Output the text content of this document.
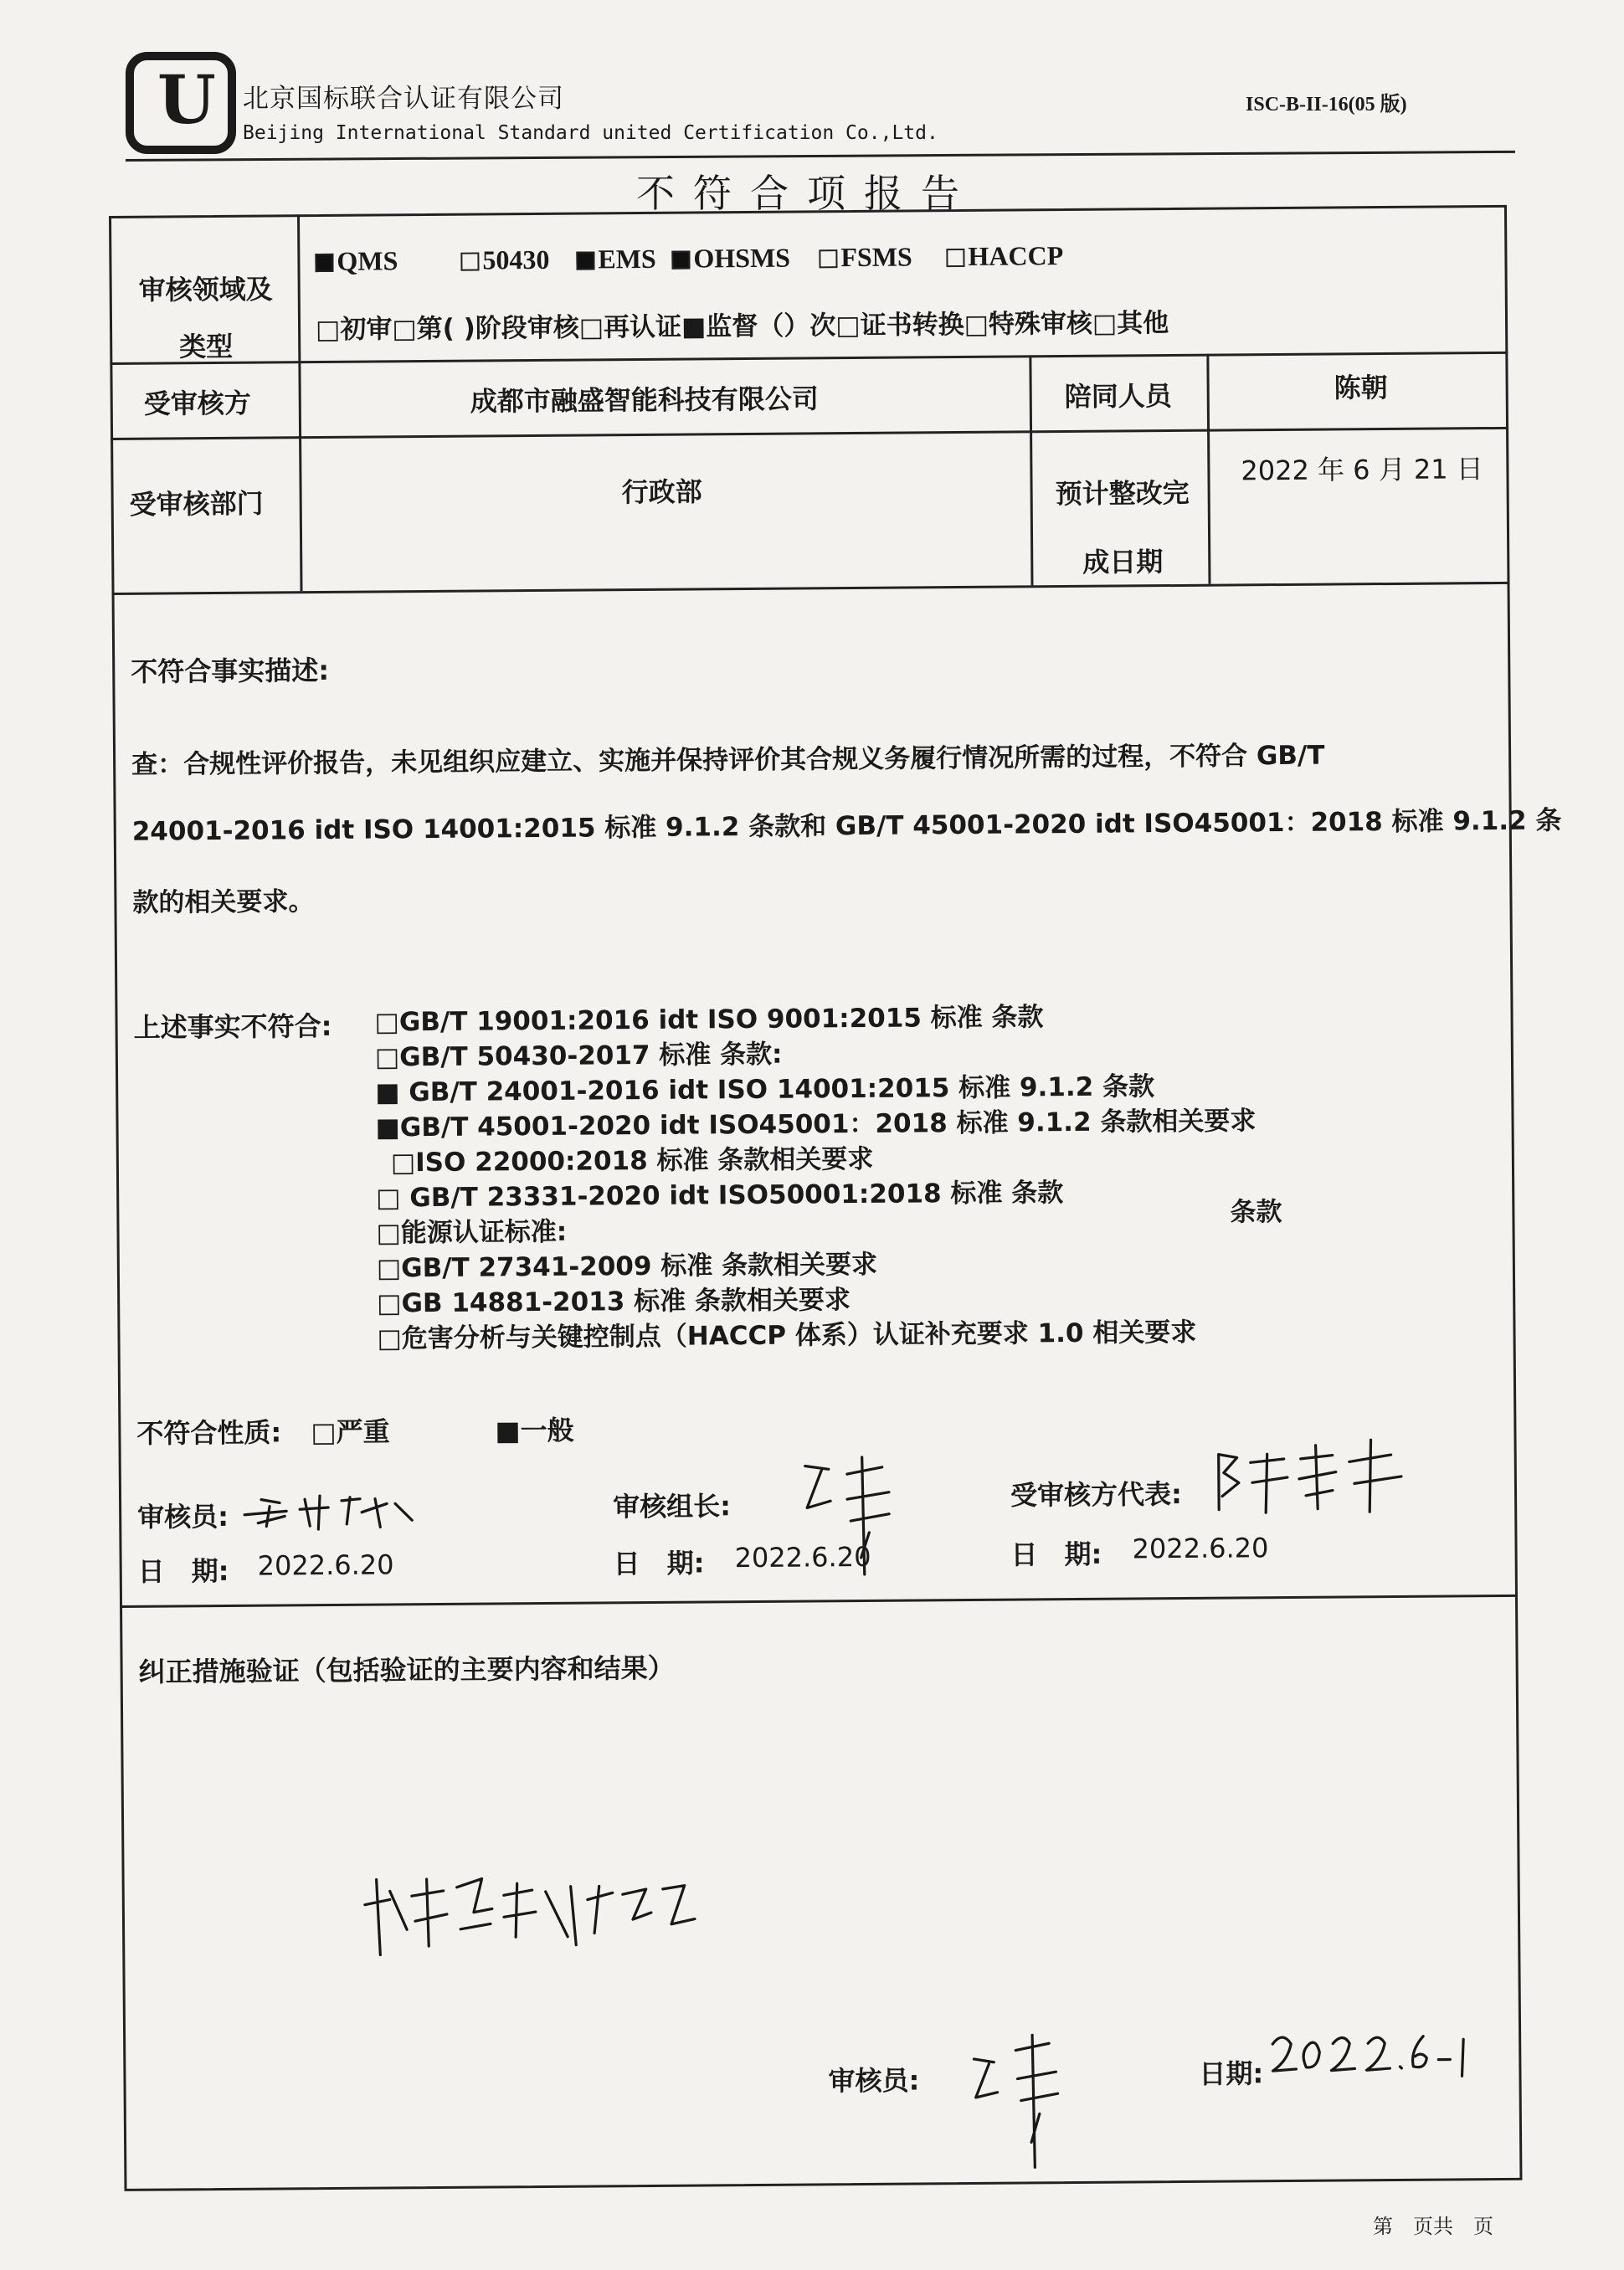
U 北京国标联合认证有限公司
Beijing International Standard united Certification Co.,Ltd.
ISC-B-II-16(05 版)
不符合项报告
审核领域及类型
QMS	50430	EMS	OHSMS	FSMS	HACCP
□初审□第( )阶段审核□再认证■监督（）次□证书转换□特殊审核□其他
受审核方	成都市融盛智能科技有限公司	陪同人员	陈朝
受审核部门	行政部	预计整改完成日期
2022 年 6 月 21 日
不符合事实描述:
查：合规性评价报告，未见组织应建立、实施并保持评价其合规义务履行情况所需的过程，不符合 GB/T
24001-2016 idt ISO 14001:2015 标准 9.1.2 条款和 GB/T 45001-2020 idt ISO45001：2018 标准 9.1.2 条
款的相关要求。
上述事实不符合: □GB/T 19001:2016 idt ISO 9001:2015 标准 条款
□GB/T 50430-2017 标准 条款:
■ GB/T 24001-2016 idt ISO 14001:2015 标准 9.1.2 条款
■GB/T 45001-2020 idt ISO45001：2018 标准 9.1.2 条款相关要求
□ISO 22000:2018 标准 条款相关要求
□ GB/T 23331-2020 idt ISO50001:2018 标准 条款
□能源认证标准:
条款
□GB/T 27341-2009 标准 条款相关要求
□GB 14881-2013 标准 条款相关要求
□危害分析与关键控制点（HACCP 体系）认证补充要求 1.0 相关要求
不符合性质: □严重	■一般
审核员:	审核组长:	受审核方代表:
日　期: 2022.6.20	日　期: 2022.6.20	日　期: 2022.6.20
纠正措施验证（包括验证的主要内容和结果）
审核员:	日期:
第　页共　页
